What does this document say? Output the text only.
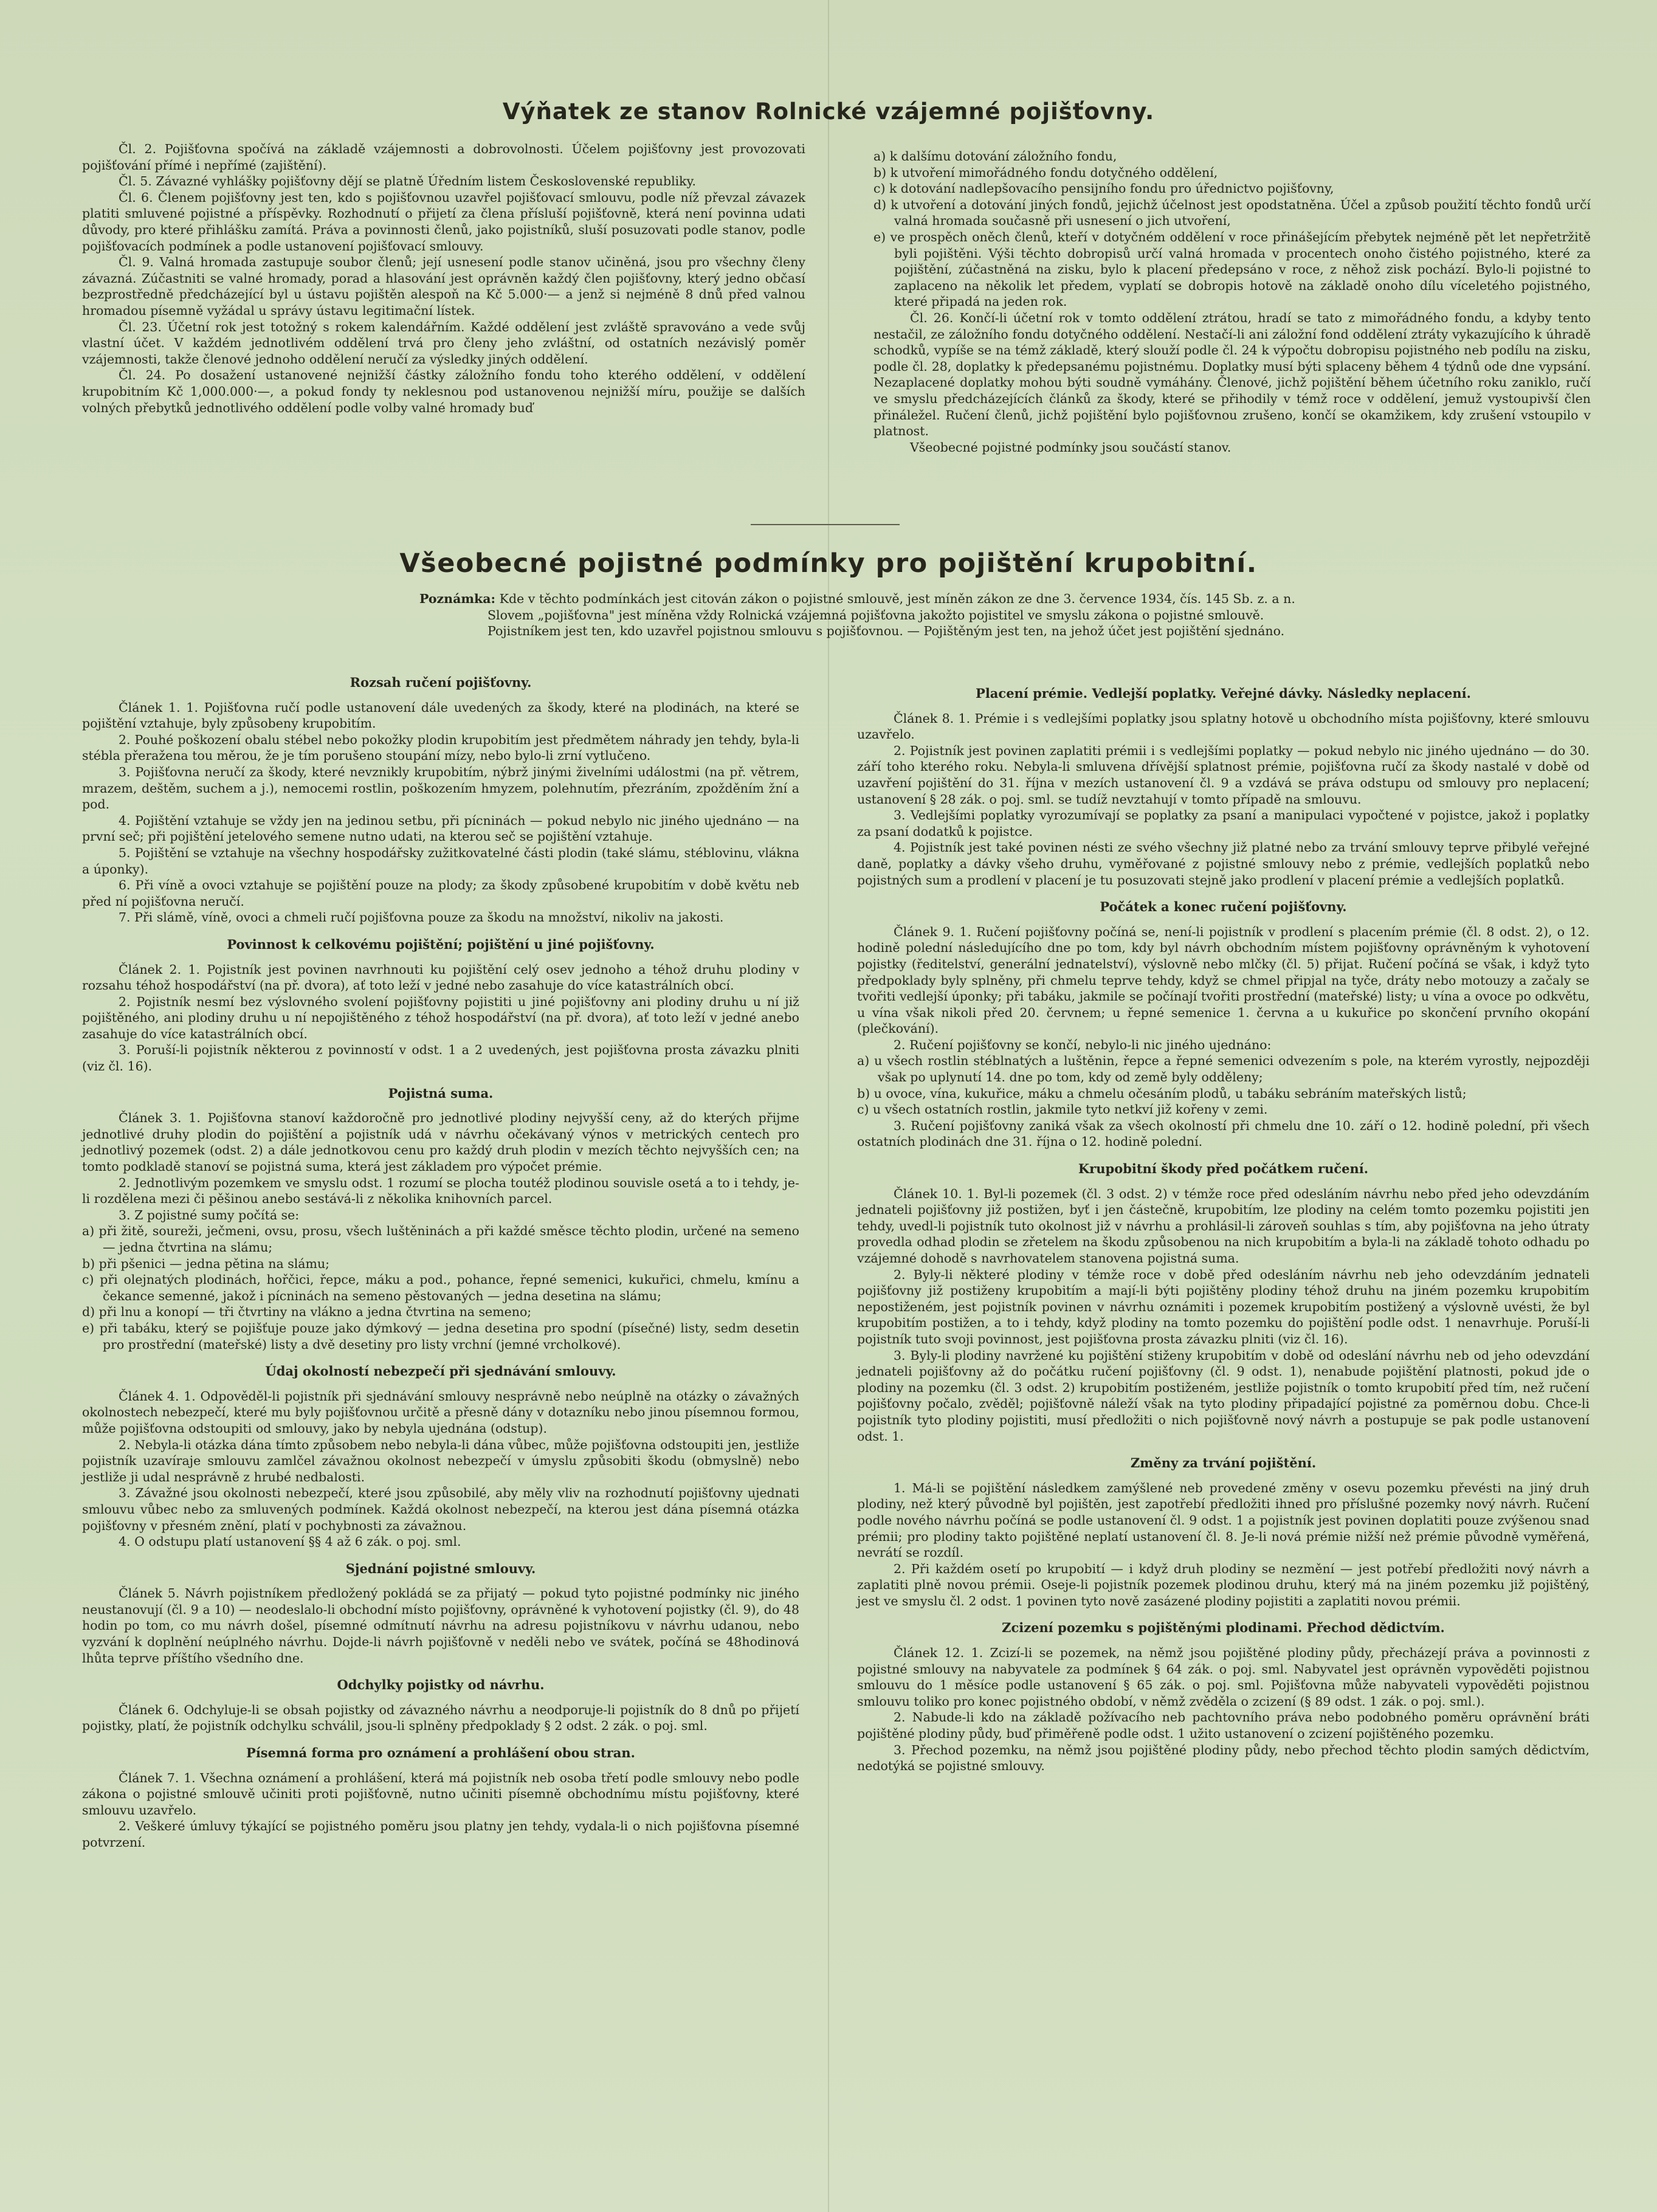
Výňatek ze stanov Rolnické vzájemné pojišťovny.

Čl. 2. Pojišťovna spočívá na základě vzájemnosti a dobrovolnosti. Účelem pojišťovny jest provozovati pojišťování přímé i nepřímé (zajištění).

Čl. 5. Závazné vyhlášky pojišťovny dějí se platně Úředním listem Československé republiky.

Čl. 6. Členem pojišťovny jest ten, kdo s pojišťovnou uzavřel pojišťovací smlouvu, podle níž převzal závazek platiti smluvené pojistné a příspěvky. Rozhodnutí o přijetí za člena přísluší pojišťovně, která není povinna udati důvody, pro které přihlášku zamítá. Práva a povinnosti členů, jako pojistníků, sluší posuzovati podle stanov, podle pojišťovacích podmínek a podle ustanovení pojišťovací smlouvy.

Čl. 9. Valná hromada zastupuje soubor členů; její usnesení podle stanov učiněná, jsou pro všechny členy závazná. Zúčastniti se valné hromady, porad a hlasování jest oprávněn každý člen pojišťovny, který jedno občasí bezprostředně předcházející byl u ústavu pojištěn alespoň na Kč 5.000·— a jenž si nejméně 8 dnů před valnou hromadou písemně vyžádal u správy ústavu legitimační lístek.

Čl. 23. Účetní rok jest totožný s rokem kalendářním. Každé oddělení jest zvláště spravováno a vede svůj vlastní účet. V každém jednotlivém oddělení trvá pro členy jeho zvláštní, od ostatních nezávislý poměr vzájemnosti, takže členové jednoho oddělení neručí za výsledky jiných oddělení.

Čl. 24. Po dosažení ustanovené nejnižší částky záložního fondu toho kterého oddělení, v oddělení krupobitním Kč 1,000.000·—, a pokud fondy ty neklesnou pod ustanovenou nejnižší míru, použije se dalších volných přebytků jednotlivého oddělení podle volby valné hromady buď

a) k dalšímu dotování záložního fondu,

b) k utvoření mimořádného fondu dotyčného oddělení,

c) k dotování nadlepšovacího pensijního fondu pro úřednictvo pojišťovny,

d) k utvoření a dotování jiných fondů, jejichž účelnost jest opodstatněna. Účel a způsob použití těchto fondů určí valná hromada současně při usnesení o jich utvoření,

e) ve prospěch oněch členů, kteří v dotyčném oddělení v roce přinášejícím přebytek nejméně pět let nepřetržitě byli pojištěni. Výši těchto dobropisů určí valná hromada v procentech onoho čistého pojistného, které za pojištění, zúčastněná na zisku, bylo k placení předepsáno v roce, z něhož zisk pochází. Bylo-li pojistné to zaplaceno na několik let předem, vyplatí se dobropis hotově na základě onoho dílu víceletého pojistného, které připadá na jeden rok.

Čl. 26. Končí-li účetní rok v tomto oddělení ztrátou, hradí se tato z mimořádného fondu, a kdyby tento nestačil, ze záložního fondu dotyčného oddělení. Nestačí-li ani záložní fond oddělení ztráty vykazujícího k úhradě schodků, vypíše se na témž základě, který slouží podle čl. 24 k výpočtu dobropisu pojistného neb podílu na zisku, podle čl. 28, doplatky k předepsanému pojistnému. Doplatky musí býti splaceny během 4 týdnů ode dne vypsání. Nezaplacené doplatky mohou býti soudně vymáhány. Členové, jichž pojištění během účetního roku zaniklo, ručí ve smyslu předcházejících článků za škody, které se přihodily v témž roce v oddělení, jemuž vystoupivší člen přináležel. Ručení členů, jichž pojištění bylo pojišťovnou zrušeno, končí se okamžikem, kdy zrušení vstoupilo v platnost.

Všeobecné pojistné podmínky jsou součástí stanov.

Všeobecné pojistné podmínky pro pojištění krupobitní.

Poznámka: Kde v těchto podmínkách jest citován zákon o pojistné smlouvě, jest míněn zákon ze dne 3. července 1934, čís. 145 Sb. z. a n.

Slovem „pojišťovna" jest míněna vždy Rolnická vzájemná pojišťovna jakožto pojistitel ve smyslu zákona o pojistné smlouvě.

Pojistníkem jest ten, kdo uzavřel pojistnou smlouvu s pojišťovnou. — Pojištěným jest ten, na jehož účet jest pojištění sjednáno.

Rozsah ručení pojišťovny.

Článek 1. 1. Pojišťovna ručí podle ustanovení dále uvedených za škody, které na plodinách, na které se pojištění vztahuje, byly způsobeny krupobitím.

2. Pouhé poškození obalu stébel nebo pokožky plodin krupobitím jest předmětem náhrady jen tehdy, byla-li stébla přeražena tou měrou, že je tím porušeno stoupání mízy, nebo bylo-li zrní vytlučeno.

3. Pojišťovna neručí za škody, které nevznikly krupobitím, nýbrž jinými živelními událostmi (na př. větrem, mrazem, deštěm, suchem a j.), nemocemi rostlin, poškozením hmyzem, polehnutím, přezráním, zpožděním žní a pod.

4. Pojištění vztahuje se vždy jen na jedinou setbu, při pícninách — pokud nebylo nic jiného ujednáno — na první seč; při pojištění jetelového semene nutno udati, na kterou seč se pojištění vztahuje.

5. Pojištění se vztahuje na všechny hospodářsky zužitkovatelné části plodin (také slámu, stéblovinu, vlákna a úponky).

6. Při víně a ovoci vztahuje se pojištění pouze na plody; za škody způsobené krupobitím v době květu neb před ní pojišťovna neručí.

7. Při slámě, víně, ovoci a chmeli ručí pojišťovna pouze za škodu na množství, nikoliv na jakosti.

Povinnost k celkovému pojištění; pojištění u jiné pojišťovny.

Článek 2. 1. Pojistník jest povinen navrhnouti ku pojištění celý osev jednoho a téhož druhu plodiny v rozsahu téhož hospodářství (na př. dvora), ať toto leží v jedné nebo zasahuje do více katastrálních obcí.

2. Pojistník nesmí bez výslovného svolení pojišťovny pojistiti u jiné pojišťovny ani plodiny druhu u ní již pojištěného, ani plodiny druhu u ní nepojištěného z téhož hospodářství (na př. dvora), ať toto leží v jedné anebo zasahuje do více katastrálních obcí.

3. Poruší-li pojistník některou z povinností v odst. 1 a 2 uvedených, jest pojišťovna prosta závazku plniti (viz čl. 16).

Pojistná suma.

Článek 3. 1. Pojišťovna stanoví každoročně pro jednotlivé plodiny nejvyšší ceny, až do kterých přijme jednotlivé druhy plodin do pojištění a pojistník udá v návrhu očekávaný výnos v metrických centech pro jednotlivý pozemek (odst. 2) a dále jednotkovou cenu pro každý druh plodin v mezích těchto nejvyšších cen; na tomto podkladě stanoví se pojistná suma, která jest základem pro výpočet prémie.

2. Jednotlivým pozemkem ve smyslu odst. 1 rozumí se plocha toutéž plodinou souvisle osetá a to i tehdy, je-li rozdělena mezi či pěšinou anebo sestává-li z několika knihovních parcel.

3. Z pojistné sumy počítá se:

a) při žitě, soureži, ječmeni, ovsu, prosu, všech luštěninách a při každé směsce těchto plodin, určené na semeno — jedna čtvrtina na slámu;

b) při pšenici — jedna pětina na slámu;

c) při olejnatých plodinách, hořčici, řepce, máku a pod., pohance, řepné semenici, kukuřici, chmelu, kmínu a čekance semenné, jakož i pícninách na semeno pěstovaných — jedna desetina na slámu;

d) při lnu a konopí — tři čtvrtiny na vlákno a jedna čtvrtina na semeno;

e) při tabáku, který se pojišťuje pouze jako dýmkový — jedna desetina pro spodní (písečné) listy, sedm desetin pro prostřední (mateřské) listy a dvě desetiny pro listy vrchní (jemné vrcholkové).

Údaj okolností nebezpečí při sjednávání smlouvy.

Článek 4. 1. Odpověděl-li pojistník při sjednávání smlouvy nesprávně nebo neúplně na otázky o závažných okolnostech nebezpečí, které mu byly pojišťovnou určitě a přesně dány v dotazníku nebo jinou písemnou formou, může pojišťovna odstoupiti od smlouvy, jako by nebyla ujednána (odstup).

2. Nebyla-li otázka dána tímto způsobem nebo nebyla-li dána vůbec, může pojišťovna odstoupiti jen, jestliže pojistník uzavíraje smlouvu zamlčel závažnou okolnost nebezpečí v úmyslu způsobiti škodu (obmyslně) nebo jestliže ji udal nesprávně z hrubé nedbalosti.

3. Závažné jsou okolnosti nebezpečí, které jsou způsobilé, aby měly vliv na rozhodnutí pojišťovny ujednati smlouvu vůbec nebo za smluvených podmínek. Každá okolnost nebezpečí, na kterou jest dána písemná otázka pojišťovny v přesném znění, platí v pochybnosti za závažnou.

4. O odstupu platí ustanovení §§ 4 až 6 zák. o poj. sml.

Sjednání pojistné smlouvy.

Článek 5. Návrh pojistníkem předložený pokládá se za přijatý — pokud tyto pojistné podmínky nic jiného neustanovují (čl. 9 a 10) — neodeslalo-li obchodní místo pojišťovny, oprávněné k vyhotovení pojistky (čl. 9), do 48 hodin po tom, co mu návrh došel, písemné odmítnutí návrhu na adresu pojistníkovu v návrhu udanou, nebo vyzvání k doplnění neúplného návrhu. Dojde-li návrh pojišťovně v neděli nebo ve svátek, počíná se 48hodinová lhůta teprve příštího všedního dne.

Odchylky pojistky od návrhu.

Článek 6. Odchyluje-li se obsah pojistky od závazného návrhu a neodporuje-li pojistník do 8 dnů po přijetí pojistky, platí, že pojistník odchylku schválil, jsou-li splněny předpoklady § 2 odst. 2 zák. o poj. sml.

Písemná forma pro oznámení a prohlášení obou stran.

Článek 7. 1. Všechna oznámení a prohlášení, která má pojistník neb osoba třetí podle smlouvy nebo podle zákona o pojistné smlouvě učiniti proti pojišťovně, nutno učiniti písemně obchodnímu místu pojišťovny, které smlouvu uzavřelo.

2. Veškeré úmluvy týkající se pojistného poměru jsou platny jen tehdy, vydala-li o nich pojišťovna písemné potvrzení.

Placení prémie. Vedlejší poplatky. Veřejné dávky. Následky neplacení.

Článek 8. 1. Prémie i s vedlejšími poplatky jsou splatny hotově u obchodního místa pojišťovny, které smlouvu uzavřelo.

2. Pojistník jest povinen zaplatiti prémii i s vedlejšími poplatky — pokud nebylo nic jiného ujednáno — do 30. září toho kterého roku. Nebyla-li smluvena dřívější splatnost prémie, pojišťovna ručí za škody nastalé v době od uzavření pojištění do 31. října v mezích ustanovení čl. 9 a vzdává se práva odstupu od smlouvy pro neplacení; ustanovení § 28 zák. o poj. sml. se tudíž nevztahují v tomto případě na smlouvu.

3. Vedlejšími poplatky vyrozumívají se poplatky za psaní a manipulaci vypočtené v pojistce, jakož i poplatky za psaní dodatků k pojistce.

4. Pojistník jest také povinen nésti ze svého všechny již platné nebo za trvání smlouvy teprve přibylé veřejné daně, poplatky a dávky všeho druhu, vyměřované z pojistné smlouvy nebo z prémie, vedlejších poplatků nebo pojistných sum a prodlení v placení je tu posuzovati stejně jako prodlení v placení prémie a vedlejších poplatků.

Počátek a konec ručení pojišťovny.

Článek 9. 1. Ručení pojišťovny počíná se, není-li pojistník v prodlení s placením prémie (čl. 8 odst. 2), o 12. hodině polední následujícího dne po tom, kdy byl návrh obchodním místem pojišťovny oprávněným k vyhotovení pojistky (ředitelství, generální jednatelství), výslovně nebo mlčky (čl. 5) přijat. Ručení počíná se však, i když tyto předpoklady byly splněny, při chmelu teprve tehdy, když se chmel připjal na tyče, dráty nebo motouzy a začaly se tvořiti vedlejší úponky; při tabáku, jakmile se počínají tvořiti prostřední (mateřské) listy; u vína a ovoce po odkvětu, u vína však nikoli před 20. červnem; u řepné semenice 1. června a u kukuřice po skončení prvního okopání (plečkování).

2. Ručení pojišťovny se končí, nebylo-li nic jiného ujednáno:

a) u všech rostlin stéblnatých a luštěnin, řepce a řepné semenici odvezením s pole, na kterém vyrostly, nejpozději však po uplynutí 14. dne po tom, kdy od země byly odděleny;

b) u ovoce, vína, kukuřice, máku a chmelu očesáním plodů, u tabáku sebráním mateřských listů;

c) u všech ostatních rostlin, jakmile tyto netkví již kořeny v zemi.

3. Ručení pojišťovny zaniká však za všech okolností při chmelu dne 10. září o 12. hodině polední, při všech ostatních plodinách dne 31. října o 12. hodině polední.

Krupobitní škody před počátkem ručení.

Článek 10. 1. Byl-li pozemek (čl. 3 odst. 2) v témže roce před odesláním návrhu nebo před jeho odevzdáním jednateli pojišťovny již postižen, byť i jen částečně, krupobitím, lze plodiny na celém tomto pozemku pojistiti jen tehdy, uvedl-li pojistník tuto okolnost již v návrhu a prohlásil-li zároveň souhlas s tím, aby pojišťovna na jeho útraty provedla odhad plodin se zřetelem na škodu způsobenou na nich krupobitím a byla-li na základě tohoto odhadu po vzájemné dohodě s navrhovatelem stanovena pojistná suma.

2. Byly-li některé plodiny v témže roce v době před odesláním návrhu neb jeho odevzdáním jednateli pojišťovny již postiženy krupobitím a mají-li býti pojištěny plodiny téhož druhu na jiném pozemku krupobitím nepostiženém, jest pojistník povinen v návrhu oznámiti i pozemek krupobitím postižený a výslovně uvésti, že byl krupobitím postižen, a to i tehdy, když plodiny na tomto pozemku do pojištění podle odst. 1 nenavrhuje. Poruší-li pojistník tuto svoji povinnost, jest pojišťovna prosta závazku plniti (viz čl. 16).

3. Byly-li plodiny navržené ku pojištění stiženy krupobitím v době od odeslání návrhu neb od jeho odevzdání jednateli pojišťovny až do počátku ručení pojišťovny (čl. 9 odst. 1), nenabude pojištění platnosti, pokud jde o plodiny na pozemku (čl. 3 odst. 2) krupobitím postiženém, jestliže pojistník o tomto krupobití před tím, než ručení pojišťovny počalo, zvěděl; pojišťovně náleží však na tyto plodiny připadající pojistné za poměrnou dobu. Chce-li pojistník tyto plodiny pojistiti, musí předložiti o nich pojišťovně nový návrh a postupuje se pak podle ustanovení odst. 1.

Změny za trvání pojištění.

1. Má-li se pojištění následkem zamýšlené neb provedené změny v osevu pozemku převésti na jiný druh plodiny, než který původně byl pojištěn, jest zapotřebí předložiti ihned pro příslušné pozemky nový návrh. Ručení podle nového návrhu počíná se podle ustanovení čl. 9 odst. 1 a pojistník jest povinen doplatiti pouze zvýšenou snad prémii; pro plodiny takto pojištěné neplatí ustanovení čl. 8. Je-li nová prémie nižší než prémie původně vyměřená, nevrátí se rozdíl.

2. Při každém osetí po krupobití — i když druh plodiny se nezmění — jest potřebí předložiti nový návrh a zaplatiti plně novou prémii. Oseje-li pojistník pozemek plodinou druhu, který má na jiném pozemku již pojištěný, jest ve smyslu čl. 2 odst. 1 povinen tyto nově zasázené plodiny pojistiti a zaplatiti novou prémii.

Zcizení pozemku s pojištěnými plodinami. Přechod dědictvím.

Článek 12. 1. Zcizí-li se pozemek, na němž jsou pojištěné plodiny půdy, přecházejí práva a povinnosti z pojistné smlouvy na nabyvatele za podmínek § 64 zák. o poj. sml. Nabyvatel jest oprávněn vypověděti pojistnou smlouvu do 1 měsíce podle ustanovení § 65 zák. o poj. sml. Pojišťovna může nabyvateli vypověděti pojistnou smlouvu toliko pro konec pojistného období, v němž zvěděla o zcizení (§ 89 odst. 1 zák. o poj. sml.).

2. Nabude-li kdo na základě požívacího neb pachtovního práva nebo podobného poměru oprávnění bráti pojištěné plodiny půdy, buď přiměřeně podle odst. 1 užito ustanovení o zcizení pojištěného pozemku.

3. Přechod pozemku, na němž jsou pojištěné plodiny půdy, nebo přechod těchto plodin samých dědictvím, nedotýká se pojistné smlouvy.
